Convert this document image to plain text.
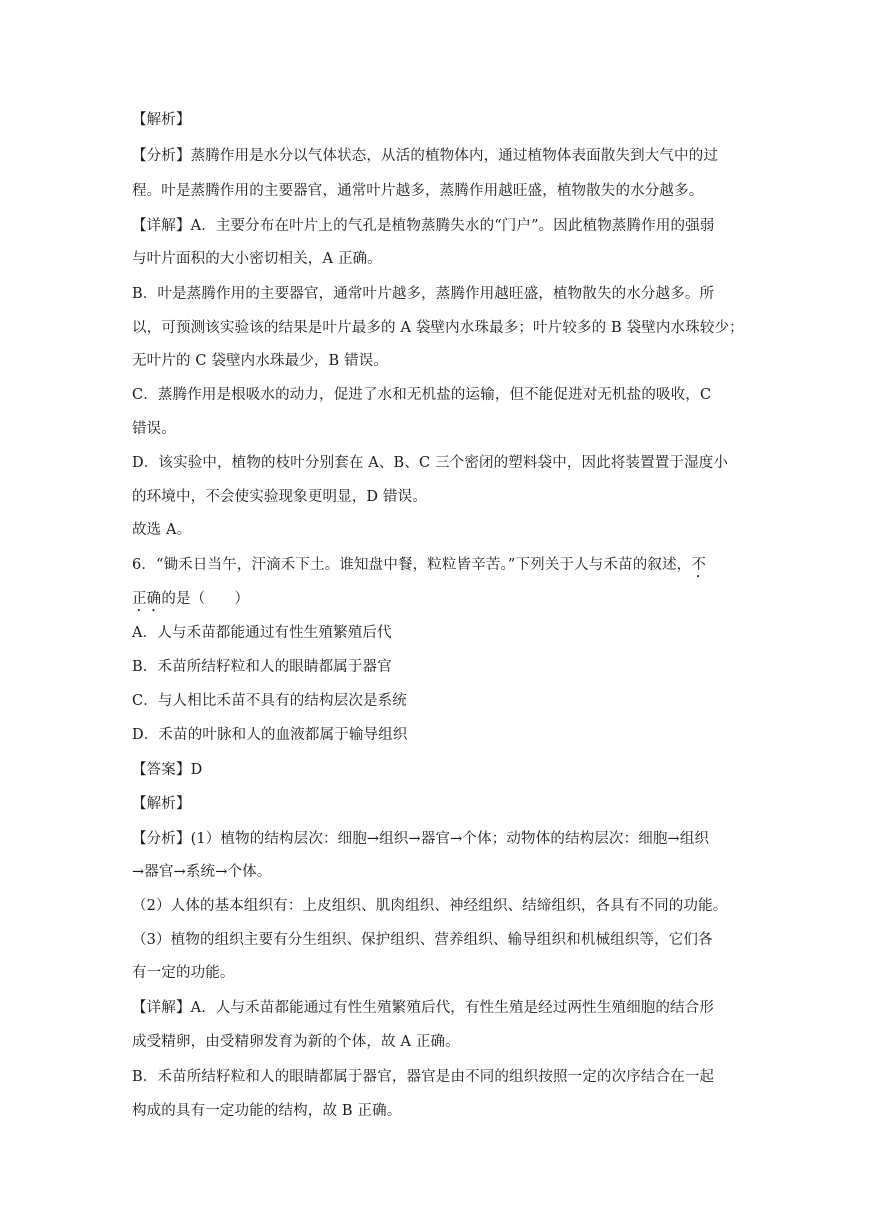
【解析】
【分析】蒸腾作用是水分以气体状态，从活的植物体内，通过植物体表面散失到大气中的过
程。叶是蒸腾作用的主要器官，通常叶片越多，蒸腾作用越旺盛，植物散失的水分越多。
【详解】A．主要分布在叶片上的气孔是植物蒸腾失水的“门户”。因此植物蒸腾作用的强弱
与叶片面积的大小密切相关，A 正确。
B．叶是蒸腾作用的主要器官，通常叶片越多，蒸腾作用越旺盛，植物散失的水分越多。所
以，可预测该实验该的结果是叶片最多的 A 袋壁内水珠最多；叶片较多的 B 袋壁内水珠较少；
无叶片的 C 袋壁内水珠最少，B 错误。
C．蒸腾作用是根吸水的动力，促进了水和无机盐的运输，但不能促进对无机盐的吸收，C
错误。
D．该实验中，植物的枝叶分别套在 A、B、C 三个密闭的塑料袋中，因此将装置置于湿度小
的环境中，不会使实验现象更明显，D 错误。
故选 A。
6．“锄禾日当午，汗滴禾下土。谁知盘中餐，粒粒皆辛苦。”下列关于人与禾苗的叙述，不
正确的是（　　）
A．人与禾苗都能通过有性生殖繁殖后代
B．禾苗所结籽粒和人的眼睛都属于器官
C．与人相比禾苗不具有的结构层次是系统
D．禾苗的叶脉和人的血液都属于输导组织
【答案】D
【解析】
【分析】(1）植物的结构层次：细胞→组织→器官→个体；动物体的结构层次：细胞→组织
→器官→系统→个体。
（2）人体的基本组织有：上皮组织、肌肉组织、神经组织、结缔组织，各具有不同的功能。
（3）植物的组织主要有分生组织、保护组织、营养组织、输导组织和机械组织等，它们各
有一定的功能。
【详解】A．人与禾苗都能通过有性生殖繁殖后代，有性生殖是经过两性生殖细胞的结合形
成受精卵，由受精卵发育为新的个体，故 A 正确。
B．禾苗所结籽粒和人的眼睛都属于器官，器官是由不同的组织按照一定的次序结合在一起
构成的具有一定功能的结构，故 B 正确。
